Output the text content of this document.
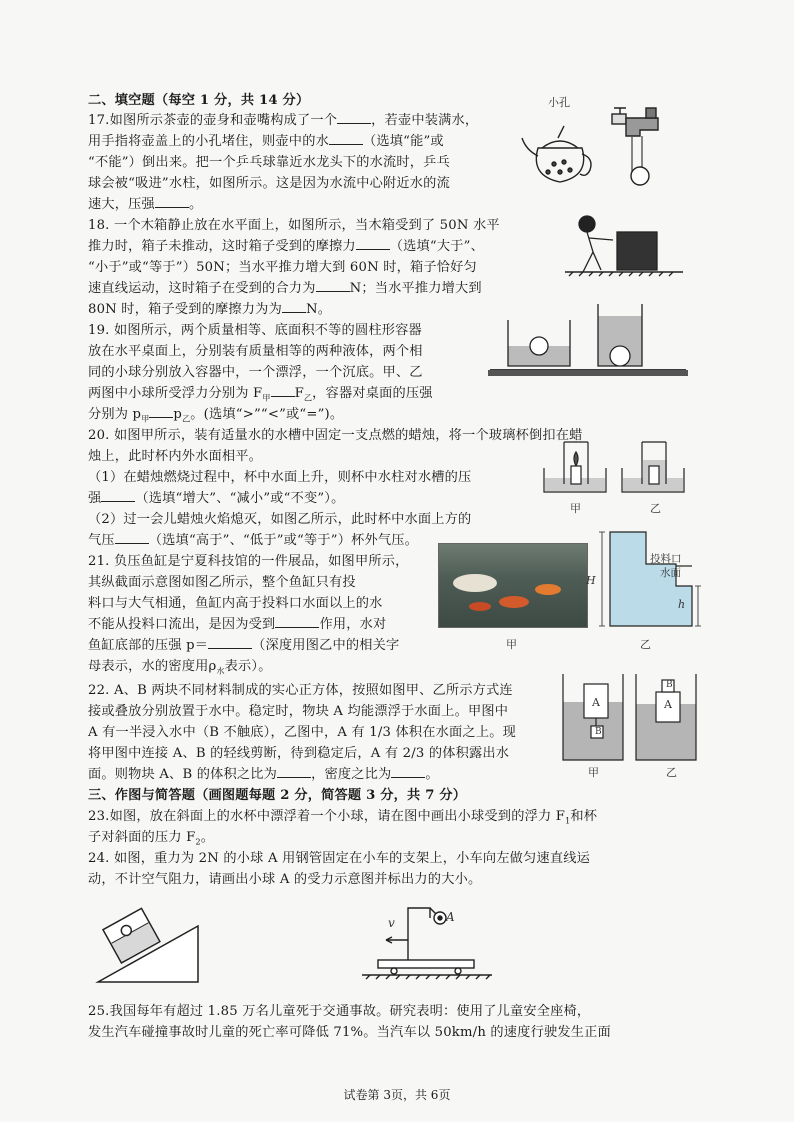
二、填空题（每空 1 分，共 14 分）
17.如图所示茶壶的壶身和壶嘴构成了一个	，若壶中装满水，
用手指将壶盖上的小孔堵住，则壶中的水	（选填“能”或
“不能”）倒出来。把一个乒乓球靠近水龙头下的水流时，乒乓
球会被“吸进”水柱，如图所示。这是因为水流中心附近水的流
速大，压强	。
小孔
18. 一个木箱静止放在水平面上，如图所示，当木箱受到了 50N 水平
推力时，箱子未推动，这时箱子受到的摩擦力	（选填“大于”、
“小于”或“等于”）50N；当水平推力增大到 60N 时，箱子恰好匀
速直线运动，这时箱子在受到的合力为	N；当水平推力增大到
80N 时，箱子受到的摩擦力为为 N。
19. 如图所示，两个质量相等、底面积不等的圆柱形容器
放在水平桌面上，分别装有质量相等的两种液体，两个相
同的小球分别放入容器中，一个漂浮，一个沉底。甲、乙
两图中小球所受浮力分别为 $F_甲$ $F_乙$，容器对桌面的压强
分别为 $p_甲$ $p_乙$。(选填“>”“<”或“=”)。
20. 如图甲所示，装有适量水的水槽中固定一支点燃的蜡烛，将一个玻璃杯倒扣在蜡
烛上，此时杯内外水面相平。
（1）在蜡烛燃烧过程中，杯中水面上升，则杯中水柱对水槽的压
强	（选填“增大”、“减小”或“不变”）。
（2）过一会儿蜡烛火焰熄灭，如图乙所示，此时杯中水面上方的
气压	（选填“高于”、“低于”或“等于”）杯外气压。
甲	乙
21. 负压鱼缸是宁夏科技馆的一件展品，如图甲所示，
其纵截面示意图如图乙所示，整个鱼缸只有投
料口与大气相通，鱼缸内高于投料口水面以上的水
不能从投料口流出，是因为受到	作用，水对
鱼缸底部的压强 p＝	（深度用图乙中的相关字
母表示，水的密度用$\rho_水$表示）。
甲
投料口
水面
H
h
乙
22. A、B 两块不同材料制成的实心正方体，按照如图甲、乙所示方式连
接或叠放分别放置于水中。稳定时，物块 A 均能漂浮于水面上。甲图中
A 有一半浸入水中（B 不触底），乙图中，A 有 1/3 体积在水面之上。现
将甲图中连接 A、B 的轻线剪断，待到稳定后，A 有 2/3 的体积露出水
面。则物块 A、B 的体积之比为	，密度之比为	。
A
B
A
B
甲	乙
三、作图与简答题（画图题每题 2 分，简答题 3 分，共 7 分）
23.如图，放在斜面上的水杯中漂浮着一个小球，请在图中画出小球受到的浮力 $F_1$和杯
子对斜面的压力 $F_2$。
24. 如图，重力为 2N 的小球 A 用钢管固定在小车的支架上，小车向左做匀速直线运
动，不计空气阻力，请画出小球 A 的受力示意图并标出力的大小。
v	A
25.我国每年有超过 1.85 万名儿童死于交通事故。研究表明：使用了儿童安全座椅，
发生汽车碰撞事故时儿童的死亡率可降低 71%。当汽车以 50km/h 的速度行驶发生正面
试卷第 3页，共 6页
